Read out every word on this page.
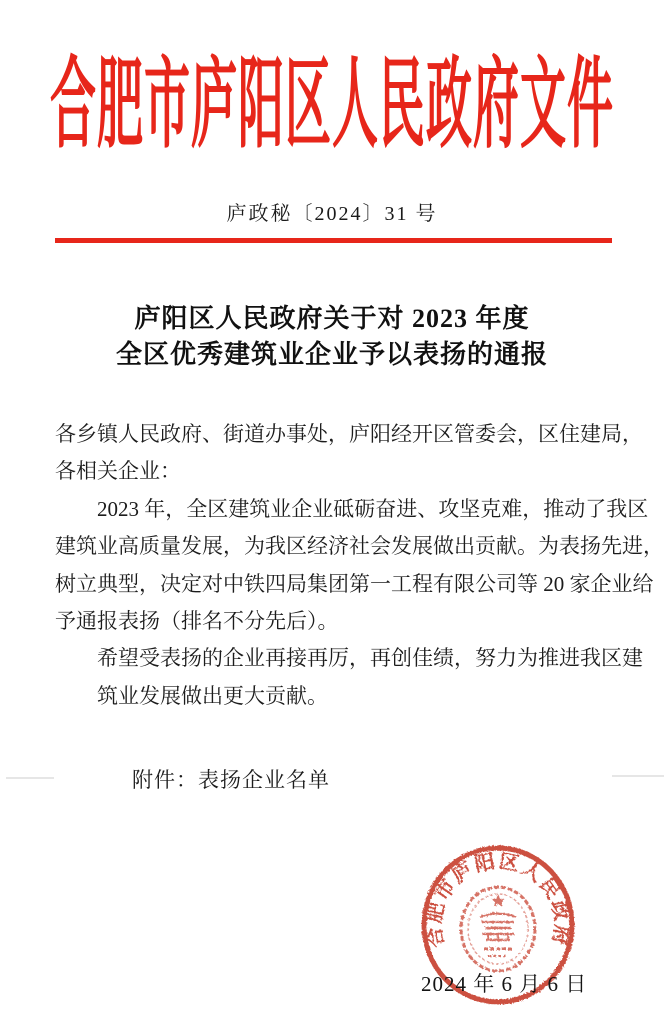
合肥市庐阳区人民政府文件
庐政秘〔2024〕31 号
庐阳区人民政府关于对 2023 年度
全区优秀建筑业企业予以表扬的通报
各乡镇人民政府、街道办事处，庐阳经开区管委会，区住建局，
各相关企业：
2023 年，全区建筑业企业砥砺奋进、攻坚克难，推动了我区
建筑业高质量发展，为我区经济社会发展做出贡献。为表扬先进，
树立典型，决定对中铁四局集团第一工程有限公司等 20 家企业给
予通报表扬（排名不分先后）。
希望受表扬的企业再接再厉，再创佳绩，努力为推进我区建
筑业发展做出更大贡献。
附件：表扬企业名单
合肥市庐阳区人民政府
2024 年 6 月 6 日
